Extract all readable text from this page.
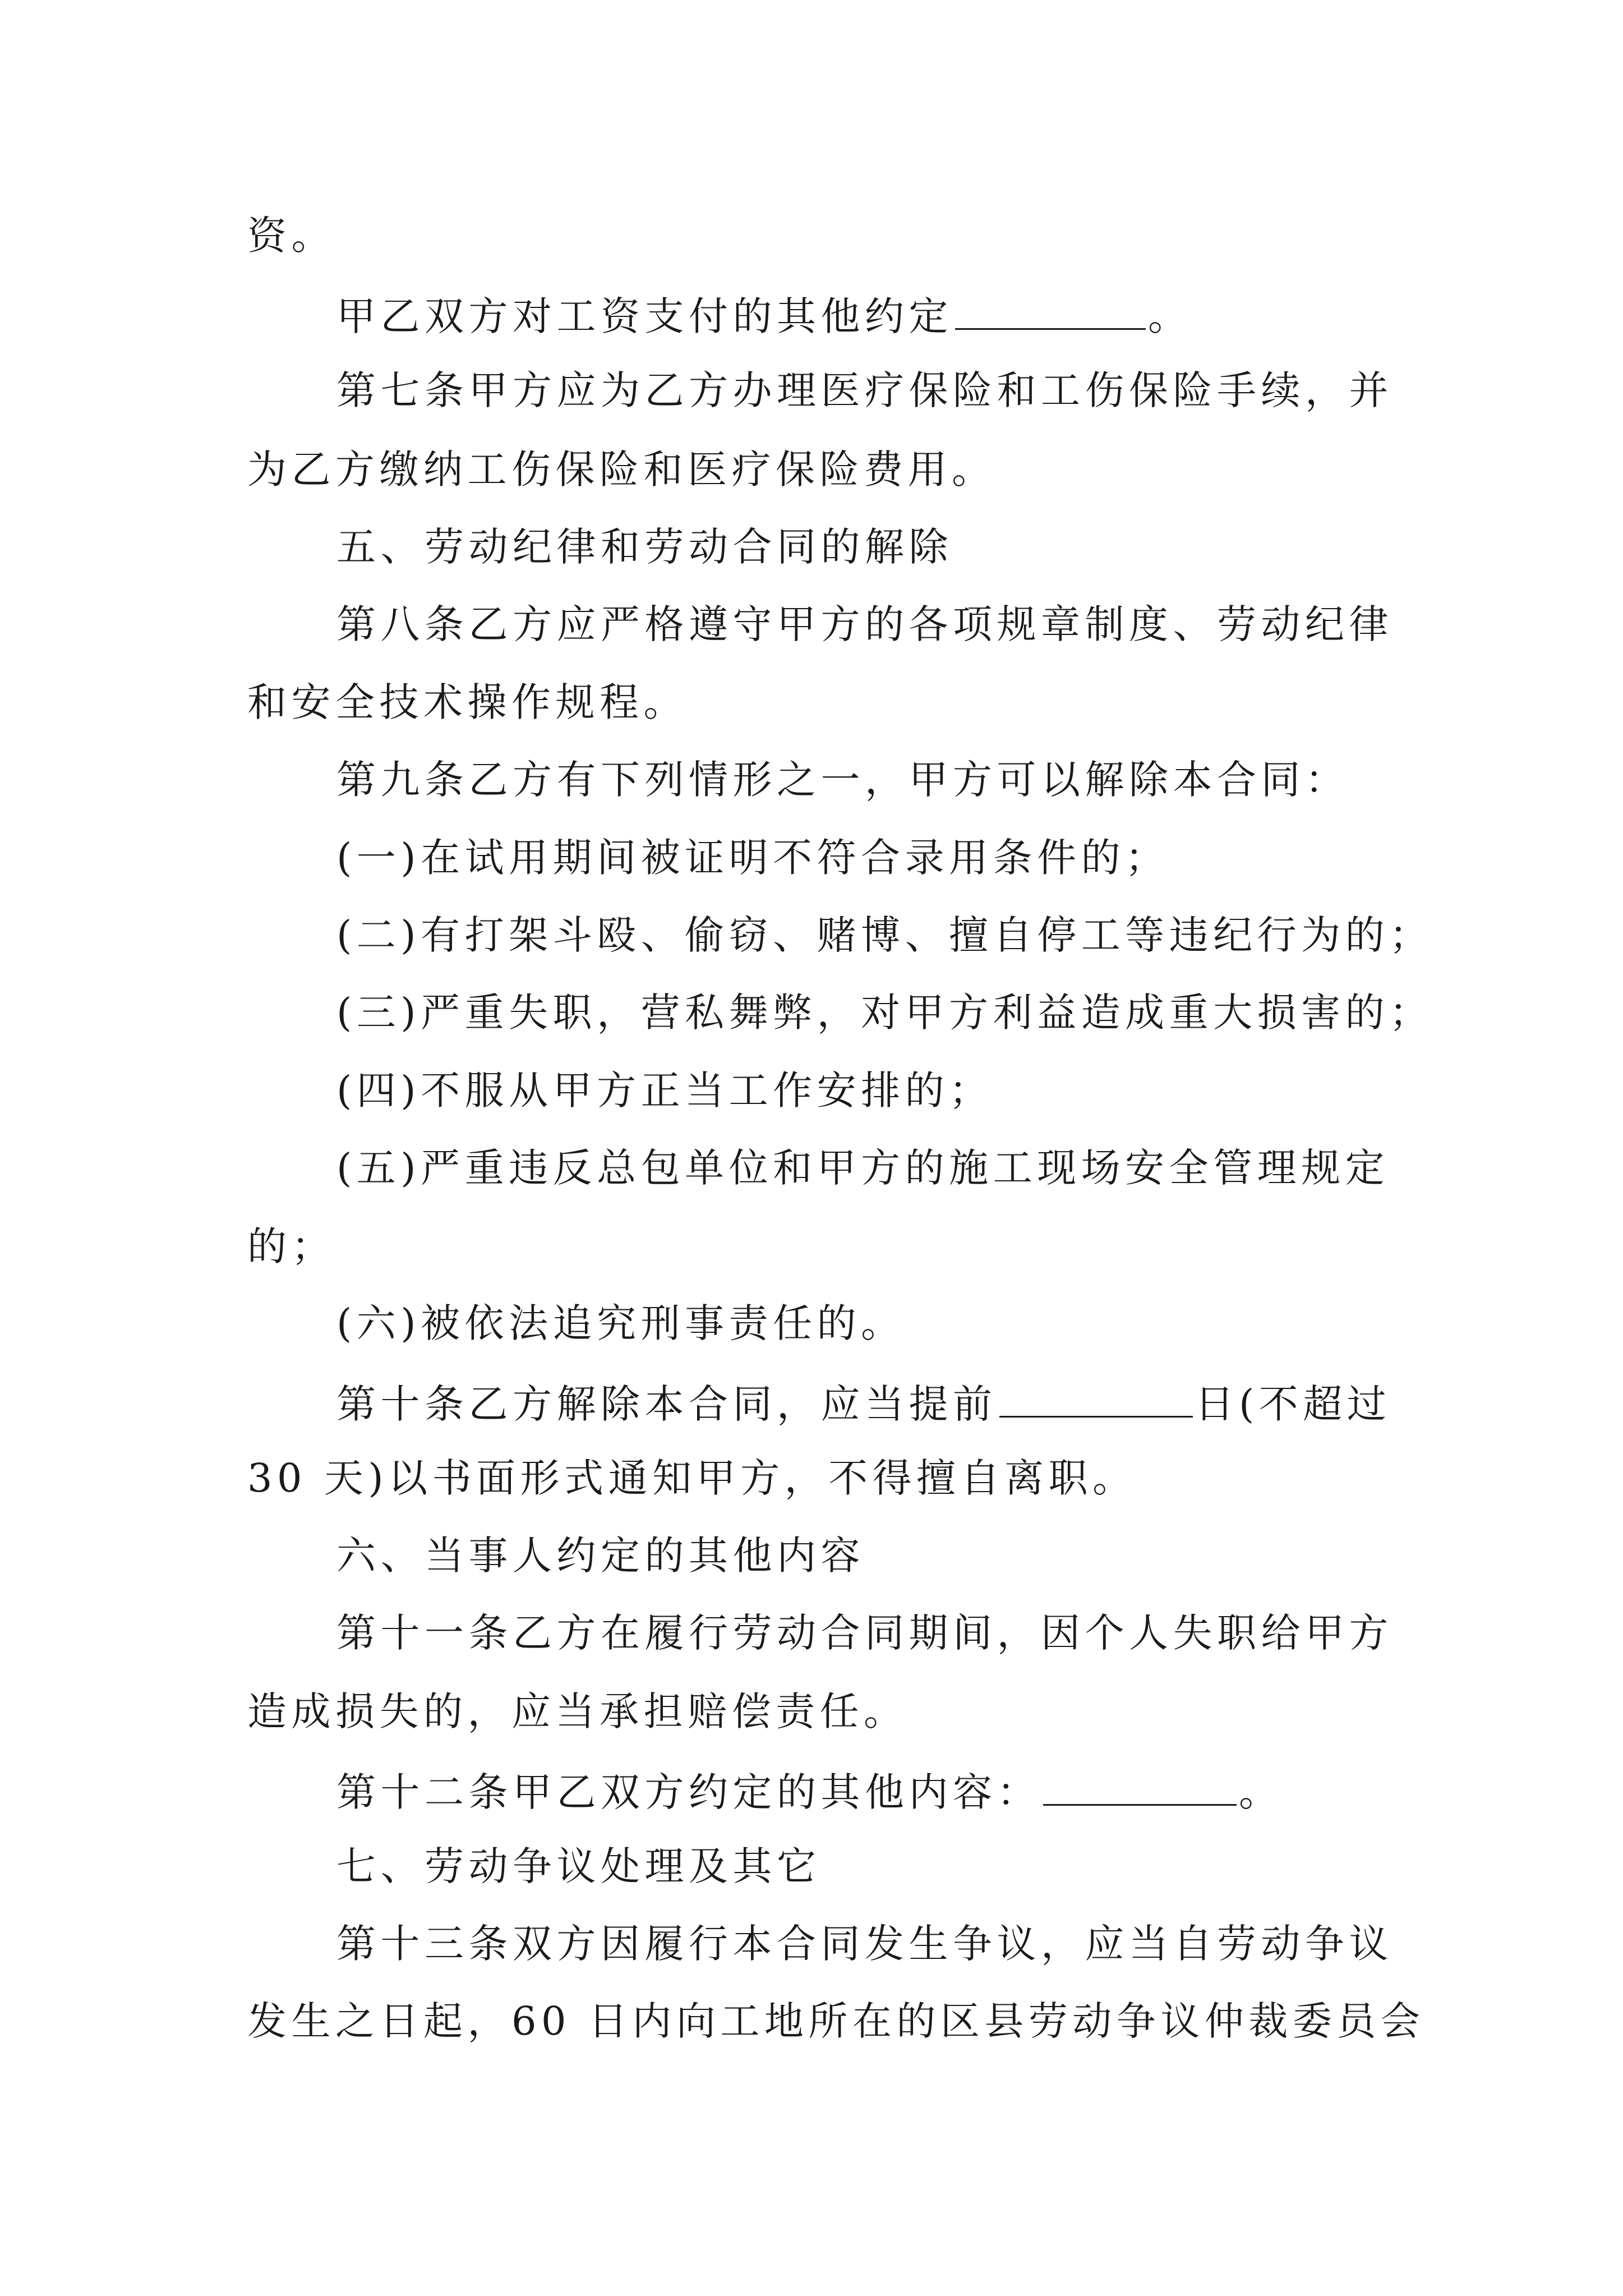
资。
甲乙双方对工资支付的其他约定	。
第七条甲方应为乙方办理医疗保险和工伤保险手续，并
为乙方缴纳工伤保险和医疗保险费用。
五、劳动纪律和劳动合同的解除
第八条乙方应严格遵守甲方的各项规章制度、劳动纪律
和安全技术操作规程。
第九条乙方有下列情形之一，甲方可以解除本合同：
(一)在试用期间被证明不符合录用条件的；
(二)有打架斗殴、偷窃、赌博、擅自停工等违纪行为的；
(三)严重失职，营私舞弊，对甲方利益造成重大损害的；
(四)不服从甲方正当工作安排的；
(五)严重违反总包单位和甲方的施工现场安全管理规定
的；
(六)被依法追究刑事责任的。
第十条乙方解除本合同，应当提前	日(不超过
30 天)以书面形式通知甲方，不得擅自离职。
六、当事人约定的其他内容
第十一条乙方在履行劳动合同期间，因个人失职给甲方
造成损失的，应当承担赔偿责任。
第十二条甲乙双方约定的其他内容：	。
七、劳动争议处理及其它
第十三条双方因履行本合同发生争议，应当自劳动争议
发生之日起，60 日内向工地所在的区县劳动争议仲裁委员会
